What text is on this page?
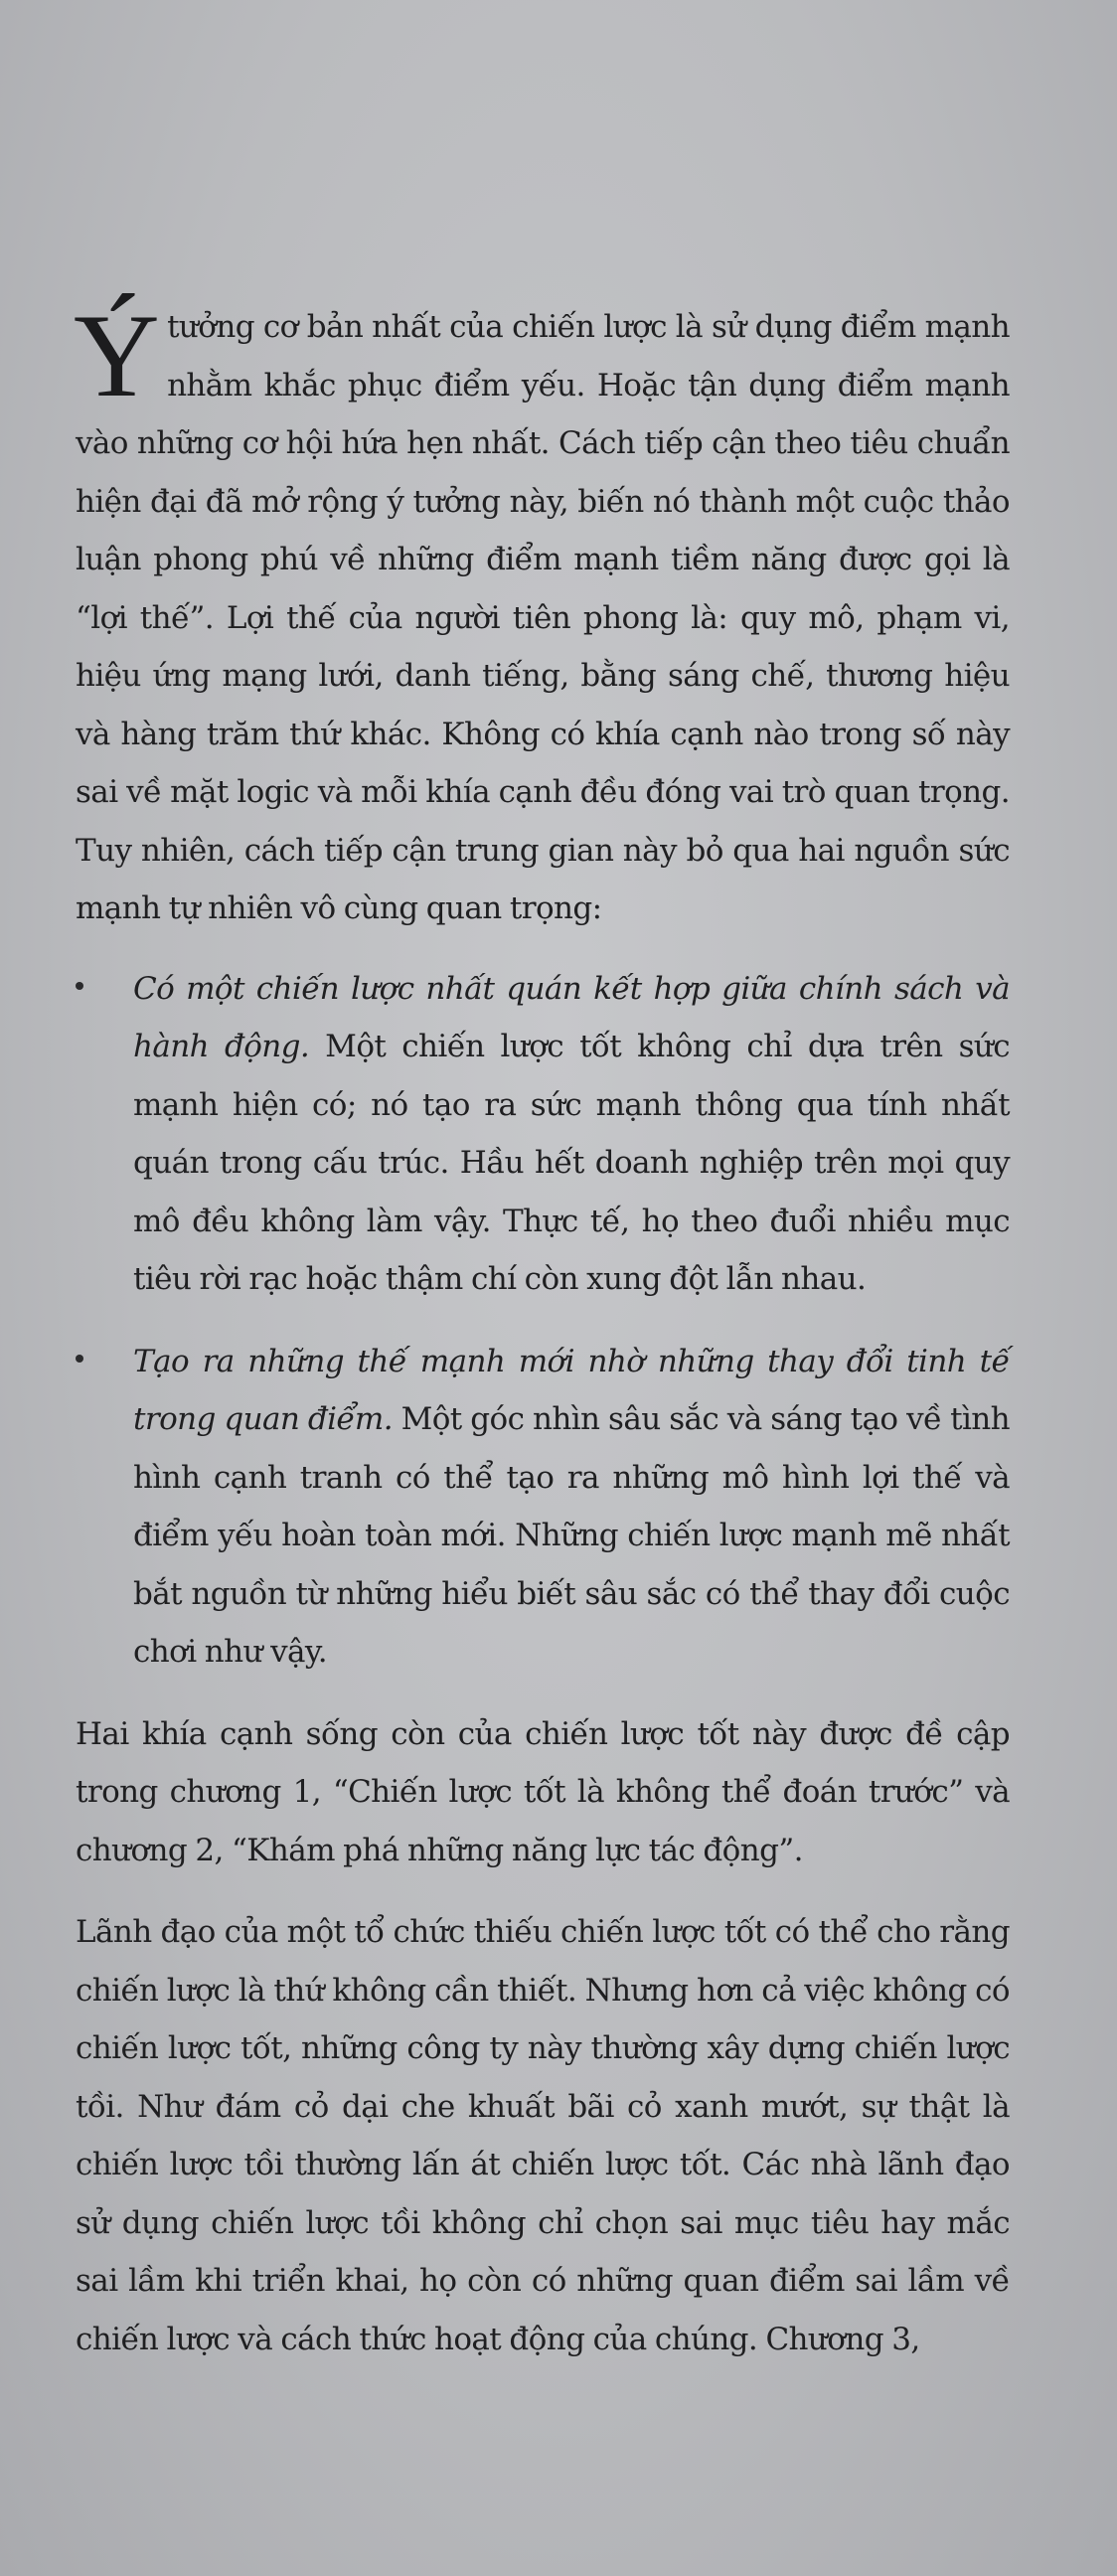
Ýtưởng cơ bản nhất của chiến lược là sử dụng điểm mạnh nhằm khắc phục điểm yếu. Hoặc tận dụng điểm mạnh vào những cơ hội hứa hẹn nhất. Cách tiếp cận theo tiêu chuẩn hiện đại đã mở rộng ý tưởng này, biến nó thành một cuộc thảo luận phong phú về những điểm mạnh tiềm năng được gọi là “lợi thế”. Lợi thế của người tiên phong là: quy mô, phạm vi, hiệu ứng mạng lưới, danh tiếng, bằng sáng chế, thương hiệu và hàng trăm thứ khác. Không có khía cạnh nào trong số này sai về mặt logic và mỗi khía cạnh đều đóng vai trò quan trọng. Tuy nhiên, cách tiếp cận trung gian này bỏ qua hai nguồn sức mạnh tự nhiên vô cùng quan trọng:

Có một chiến lược nhất quán kết hợp giữa chính sách và hành động. Một chiến lược tốt không chỉ dựa trên sức mạnh hiện có; nó tạo ra sức mạnh thông qua tính nhất quán trong cấu trúc. Hầu hết doanh nghiệp trên mọi quy mô đều không làm vậy. Thực tế, họ theo đuổi nhiều mục tiêu rời rạc hoặc thậm chí còn xung đột lẫn nhau.

Tạo ra những thế mạnh mới nhờ những thay đổi tinh tế trong quan điểm. Một góc nhìn sâu sắc và sáng tạo về tình hình cạnh tranh có thể tạo ra những mô hình lợi thế và điểm yếu hoàn toàn mới. Những chiến lược mạnh mẽ nhất bắt nguồn từ những hiểu biết sâu sắc có thể thay đổi cuộc chơi như vậy.

Hai khía cạnh sống còn của chiến lược tốt này được đề cập trong chương 1, “Chiến lược tốt là không thể đoán trước” và chương 2, “Khám phá những năng lực tác động”.

Lãnh đạo của một tổ chức thiếu chiến lược tốt có thể cho rằng chiến lược là thứ không cần thiết. Nhưng hơn cả việc không có chiến lược tốt, những công ty này thường xây dựng chiến lược tồi. Như đám cỏ dại che khuất bãi cỏ xanh mướt, sự thật là chiến lược tồi thường lấn át chiến lược tốt. Các nhà lãnh đạo sử dụng chiến lược tồi không chỉ chọn sai mục tiêu hay mắc sai lầm khi triển khai, họ còn có những quan điểm sai lầm về chiến lược và cách thức hoạt động của chúng. Chương 3,
